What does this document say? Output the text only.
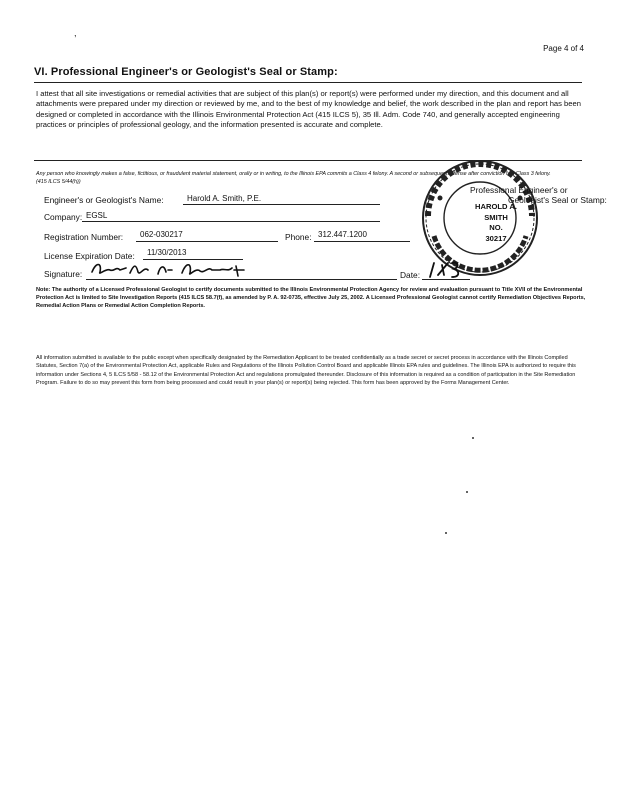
,
Page 4 of 4
VI. Professional Engineer's or Geologist's Seal or Stamp:
I attest that all site investigations or remedial activities that are subject of this plan(s) or report(s) were performed under my direction, and this document and all attachments were prepared under my direction or reviewed by me, and to the best of my knowledge and belief, the work described in the plan and report has been designed or completed in accordance with the Illinois Environmental Protection Act (415 ILCS 5), 35 Ill. Adm. Code 740, and generally accepted engineering practices or principles of professional geology, and the information presented is accurate and complete.
Any person who knowingly makes a false, fictitious, or fraudulent material statement, orally or in writing, to the Illinois EPA commits a Class 4 felony. A second or subsequent offense after conviction is a Class 3 felony. (415 ILCS 5/44(h))
Professional Engineer's or
Geologist's Seal or Stamp:
HAROLD A.
SMITH
NO.
30217
Engineer's or Geologist's Name:	Harold A. Smith, P.E.
Company: EGSL
Registration Number: 062-030217	Phone: 312.447.1200
License Expiration Date: 11/30/2013
Signature:	Date:
Note: The authority of a Licensed Professional Geologist to certify documents submitted to the Illinois Environmental Protection Agency for review and evaluation pursuant to Title XVII of the Environmental Protection Act is limited to Site Investigation Reports (415 ILCS 58.7(f), as amended by P. A. 92-0735, effective July 25, 2002. A Licensed Professional Geologist cannot certify Remediation Objectives Reports, Remedial Action Plans or Remedial Action Completion Reports.
All information submitted is available to the public except when specifically designated by the Remediation Applicant to be treated confidentially as a trade secret or secret process in accordance with the Illinois Compiled Statutes, Section 7(a) of the Environmental Protection Act, applicable Rules and Regulations of the Illinois Pollution Control Board and applicable Illinois EPA rules and guidelines. The Illinois EPA is authorized to require this information under Sections 4, 5 ILCS 5/58 - 58.12 of the Environmental Protection Act and regulations promulgated thereunder. Disclosure of this information is required as a condition of participation in the Site Remediation Program. Failure to do so may prevent this form from being processed and could result in your plan(s) or report(s) being rejected. This form has been approved by the Forms Management Center.
